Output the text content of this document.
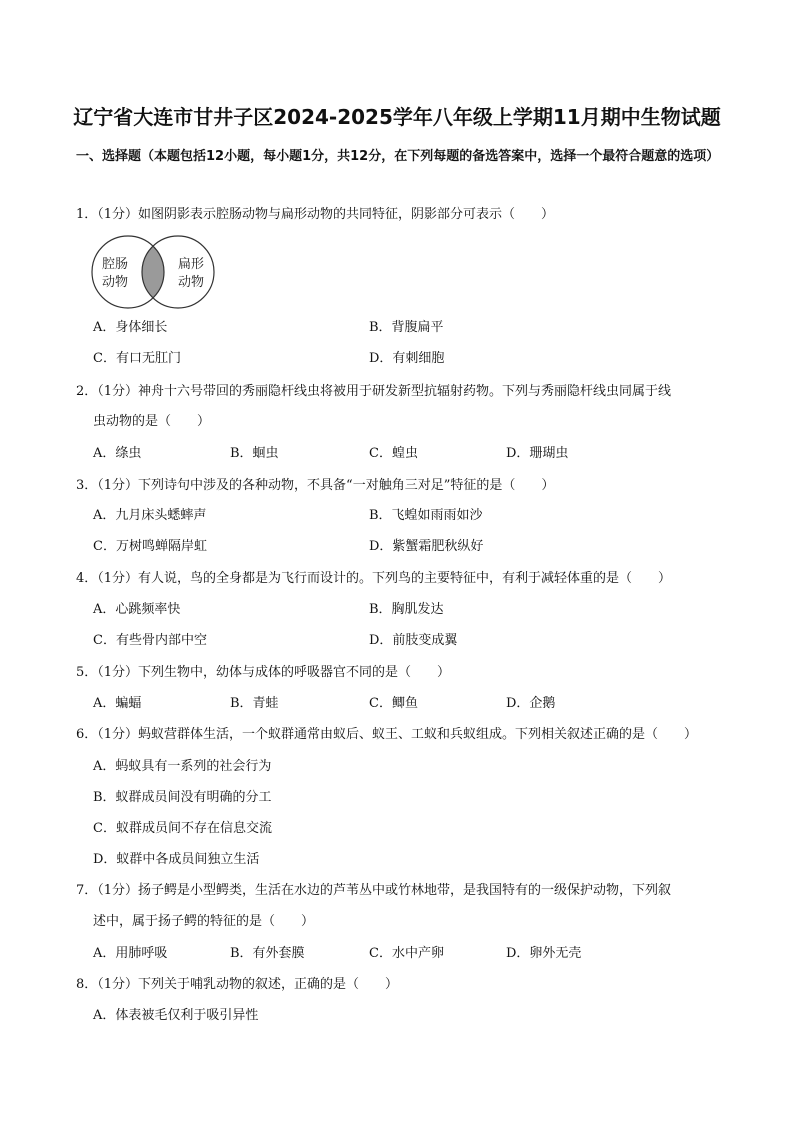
辽宁省大连市甘井子区2024-2025学年八年级上学期11月期中生物试题
一、选择题（本题包括12小题，每小题1分，共12分，在下列每题的备选答案中，选择一个最符合题意的选项）
1．（1分）如图阴影表示腔肠动物与扁形动物的共同特征，阴影部分可表示（　　）
腔肠
动物
扁形
动物
A．身体细长	B．背腹扁平
C．有口无肛门	D．有刺细胞
2．（1分）神舟十六号带回的秀丽隐杆线虫将被用于研发新型抗辐射药物。下列与秀丽隐杆线虫同属于线
虫动物的是（　　）
A．绦虫	B．蛔虫	C．蝗虫	D．珊瑚虫
3．（1分）下列诗句中涉及的各种动物，不具备“一对触角三对足”特征的是（　　）
A．九月床头蟋蟀声	B．飞蝗如雨雨如沙
C．万树鸣蝉隔岸虹	D．紫蟹霜肥秋纵好
4．（1分）有人说，鸟的全身都是为飞行而设计的。下列鸟的主要特征中，有利于减轻体重的是（　　）
A．心跳频率快	B．胸肌发达
C．有些骨内部中空	D．前肢变成翼
5．（1分）下列生物中，幼体与成体的呼吸器官不同的是（　　）
A．蝙蝠	B．青蛙	C．鲫鱼	D．企鹅
6．（1分）蚂蚁营群体生活，一个蚁群通常由蚁后、蚁王、工蚁和兵蚁组成。下列相关叙述正确的是（　　）
A．蚂蚁具有一系列的社会行为
B．蚁群成员间没有明确的分工
C．蚁群成员间不存在信息交流
D．蚁群中各成员间独立生活
7．（1分）扬子鳄是小型鳄类，生活在水边的芦苇丛中或竹林地带，是我国特有的一级保护动物，下列叙
述中，属于扬子鳄的特征的是（　　）
A．用肺呼吸	B．有外套膜	C．水中产卵	D．卵外无壳
8．（1分）下列关于哺乳动物的叙述，正确的是（　　）
A．体表被毛仅利于吸引异性
